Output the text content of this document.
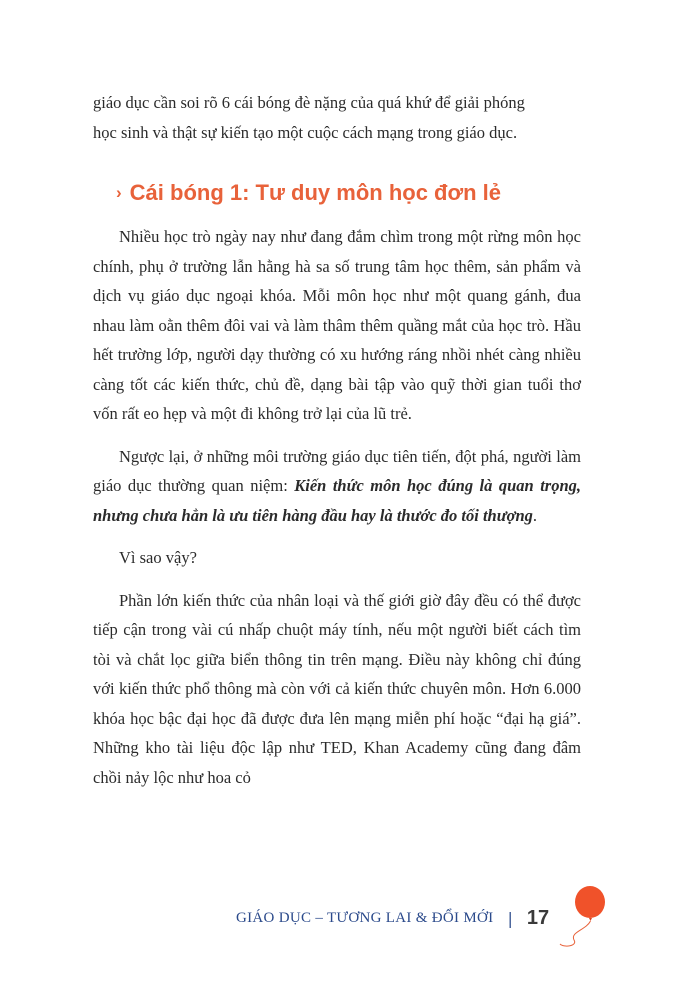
giáo dục cần soi rõ 6 cái bóng đè nặng của quá khứ để giải phóng

học sinh và thật sự kiến tạo một cuộc cách mạng trong giáo dục.

› Cái bóng 1: Tư duy môn học đơn lẻ

Nhiều học trò ngày nay như đang đắm chìm trong một rừng môn học chính, phụ ở trường lẫn hằng hà sa số trung tâm học thêm, sản phẩm và dịch vụ giáo dục ngoại khóa. Mỗi môn học như một quang gánh, đua nhau làm oằn thêm đôi vai và làm thâm thêm quầng mắt của học trò. Hầu hết trường lớp, người dạy thường có xu hướng ráng nhồi nhét càng nhiều càng tốt các kiến thức, chủ đề, dạng bài tập vào quỹ thời gian tuổi thơ vốn rất eo hẹp và một đi không trở lại của lũ trẻ.

Ngược lại, ở những môi trường giáo dục tiên tiến, đột phá, người làm giáo dục thường quan niệm: Kiến thức môn học đúng là quan trọng, nhưng chưa hẳn là ưu tiên hàng đầu hay là thước đo tối thượng.

Vì sao vậy?

Phần lớn kiến thức của nhân loại và thế giới giờ đây đều có thể được tiếp cận trong vài cú nhấp chuột máy tính, nếu một người biết cách tìm tòi và chắt lọc giữa biển thông tin trên mạng. Điều này không chỉ đúng với kiến thức phổ thông mà còn với cả kiến thức chuyên môn. Hơn 6.000 khóa học bậc đại học đã được đưa lên mạng miễn phí hoặc “đại hạ giá”. Những kho tài liệu độc lập như TED, Khan Academy cũng đang đâm chồi nảy lộc như hoa cỏ

GIÁO DỤC – TƯƠNG LAI & ĐỔI MỚI | 17
